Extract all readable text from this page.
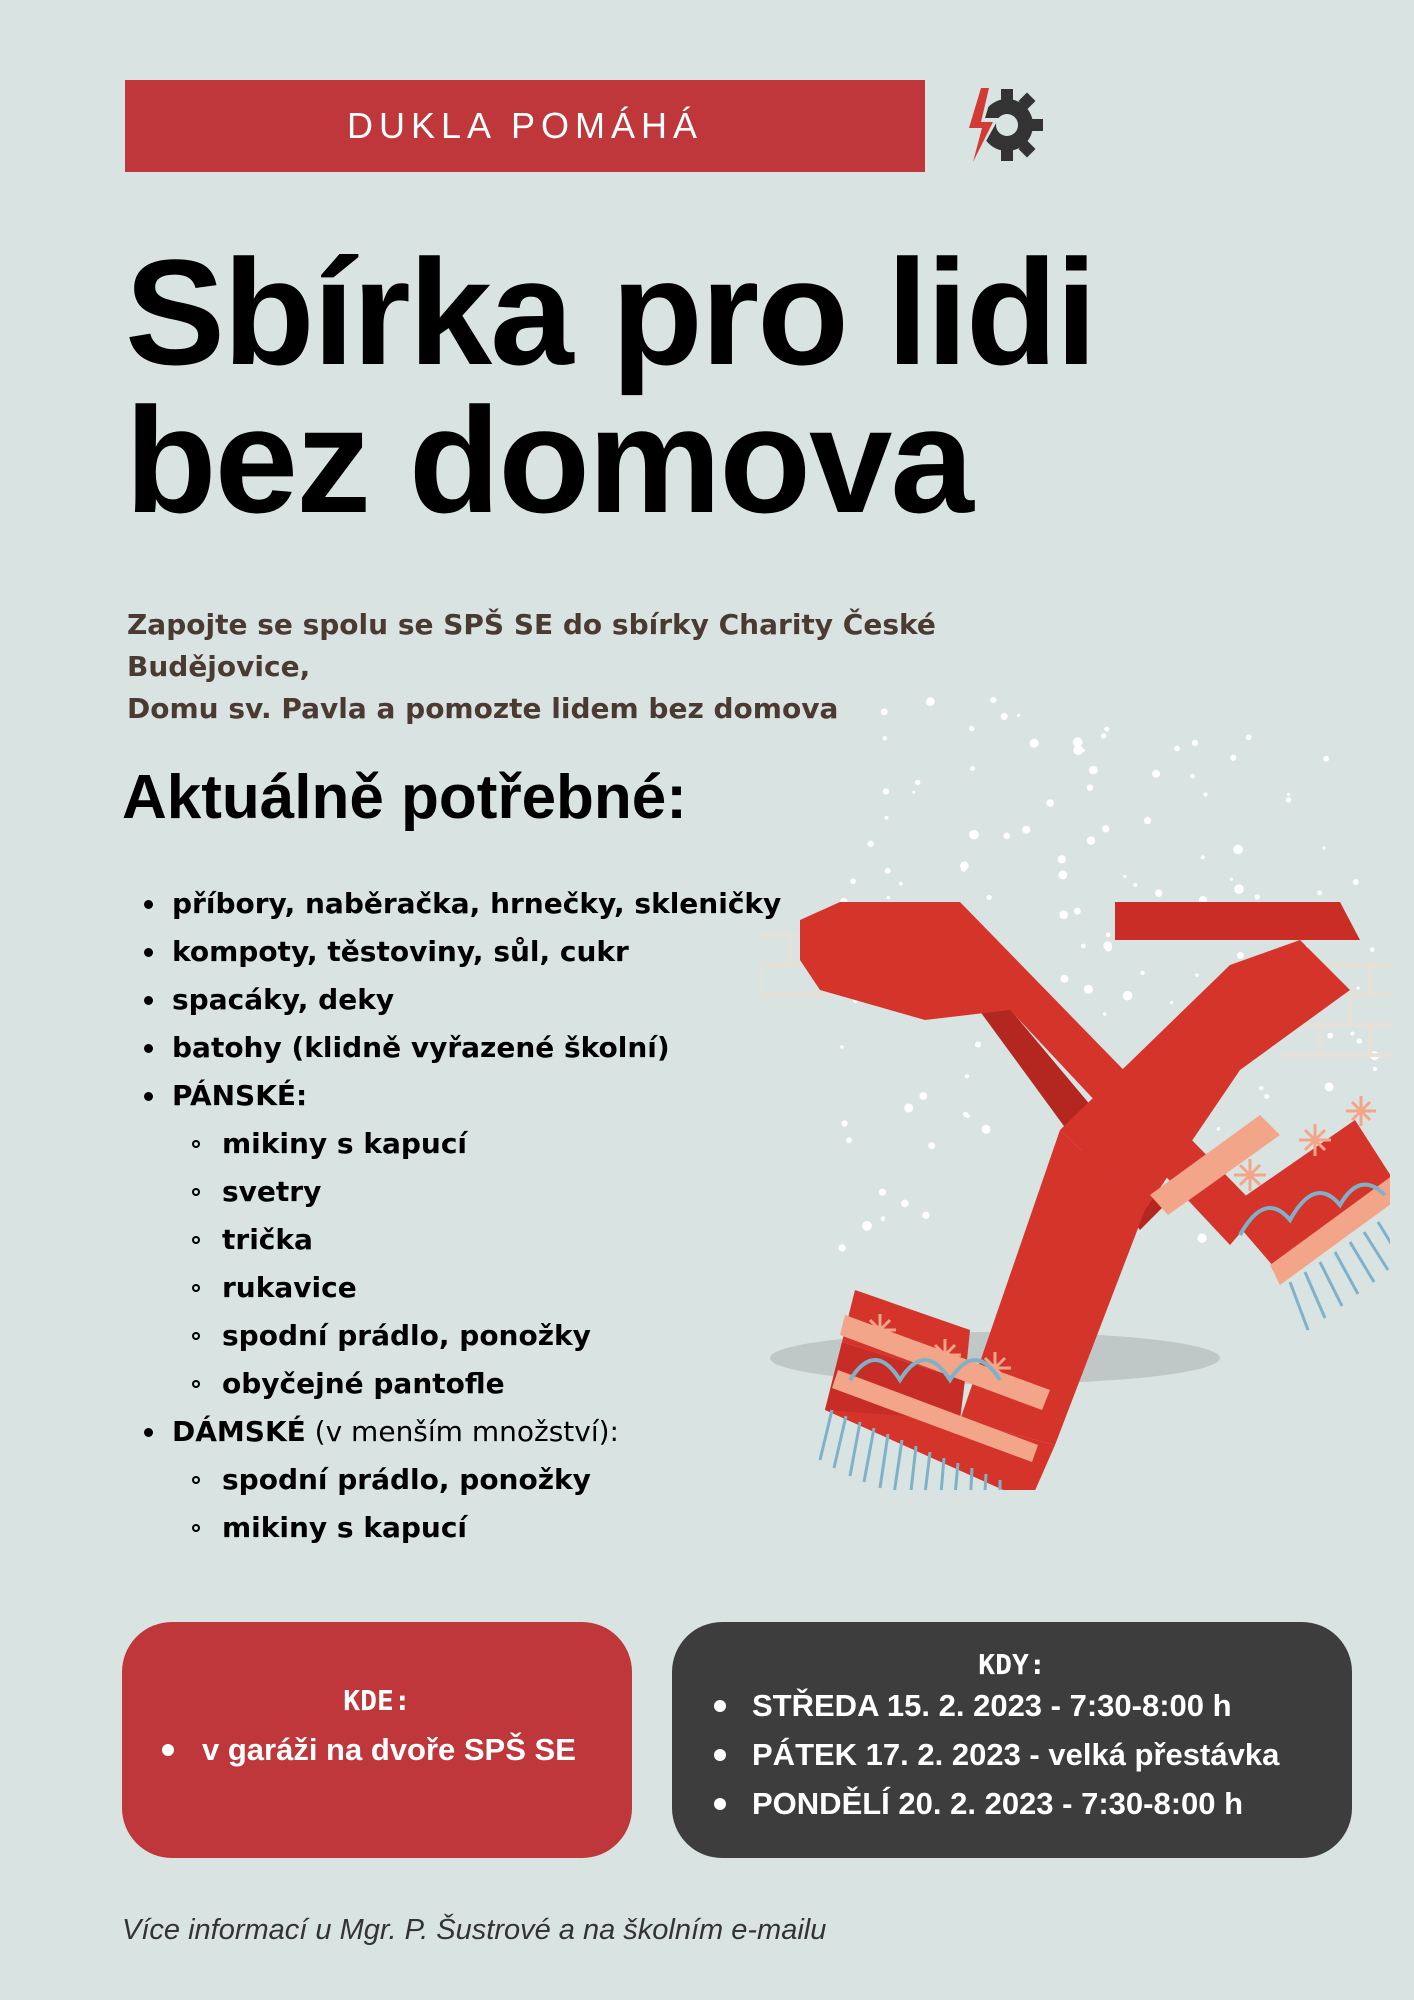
DUKLA POMÁHÁ
Sbírka pro lidi
bez domova
Zapojte se spolu se SPŠ SE do sbírky Charity České Budějovice,
Domu sv. Pavla a pomozte lidem bez domova
Aktuálně potřebné:
příbory, naběračka, hrnečky, skleničky
kompoty, těstoviny, sůl, cukr
spacáky, deky
batohy (klidně vyřazené školní)
PÁNSKÉ:
mikiny s kapucí
svetry
trička
rukavice
spodní prádlo, ponožky
obyčejné pantofle
DÁMSKÉ (v menším množství):
spodní prádlo, ponožky
mikiny s kapucí
KDE:
v garáži na dvoře SPŠ SE
KDY:
STŘEDA 15. 2. 2023 - 7:30-8:00 h
PÁTEK 17. 2. 2023 - velká přestávka
PONDĚLÍ 20. 2. 2023 - 7:30-8:00 h
Více informací u Mgr. P. Šustrové a na školním e-mailu
